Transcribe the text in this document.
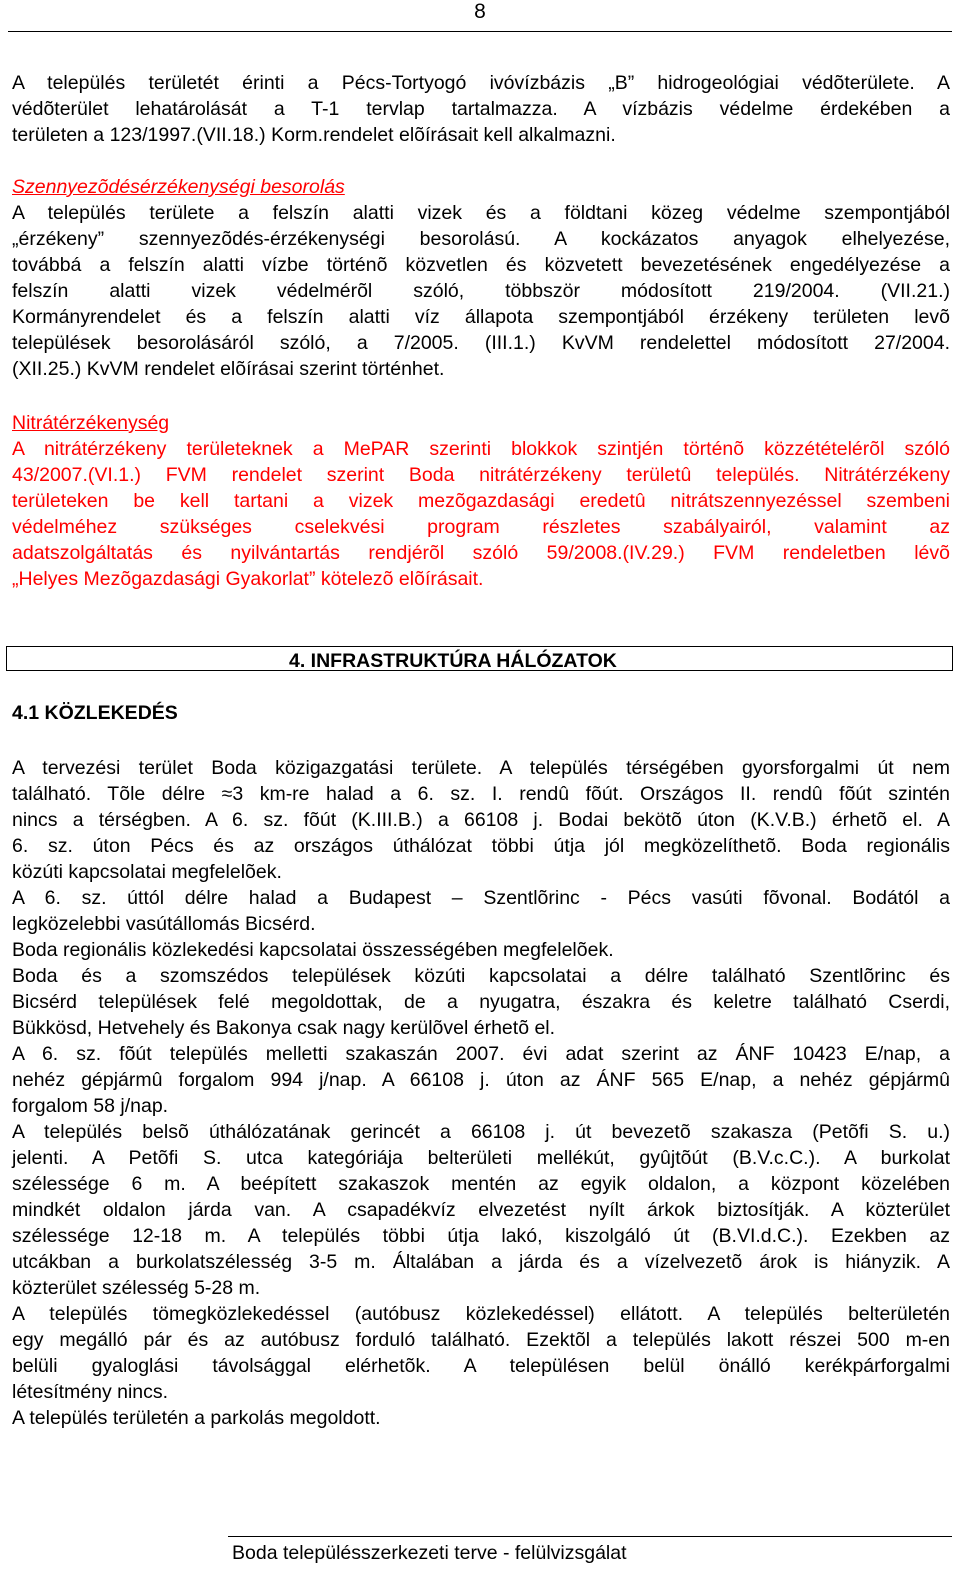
8
A település területét érinti a Pécs-Tortyogó ivóvízbázis „B” hidrogeológiai védõterülete. A
védõterület lehatárolását a T-1 tervlap tartalmazza. A vízbázis védelme érdekében a
területen a 123/1997.(VII.18.) Korm.rendelet elõírásait kell alkalmazni.
Szennyezõdésérzékenységi besorolás
A település területe a felszín alatti vizek és a földtani közeg védelme szempontjából
„érzékeny” szennyezõdés-érzékenységi besorolású. A kockázatos anyagok elhelyezése,
továbbá a felszín alatti vízbe történõ közvetlen és közvetett bevezetésének engedélyezése a
felszín alatti vizek védelmérõl szóló, többször módosított 219/2004. (VII.21.)
Kormányrendelet és a felszín alatti víz állapota szempontjából érzékeny területen levõ
települések besorolásáról szóló, a 7/2005. (III.1.) KvVM rendelettel módosított 27/2004.
(XII.25.) KvVM rendelet elõírásai szerint történhet.
Nitrátérzékenység
A nitrátérzékeny területeknek a MePAR szerinti blokkok szintjén történõ közzétételérõl szóló
43/2007.(VI.1.) FVM rendelet szerint Boda nitrátérzékeny területû település. Nitrátérzékeny
területeken be kell tartani a vizek mezõgazdasági eredetû nitrátszennyezéssel szembeni
védelméhez szükséges cselekvési program részletes szabályairól, valamint az
adatszolgáltatás és nyilvántartás rendjérõl szóló 59/2008.(IV.29.) FVM rendeletben lévõ
„Helyes Mezõgazdasági Gyakorlat” kötelezõ elõírásait.
4. INFRASTRUKTÚRA HÁLÓZATOK
4.1 KÖZLEKEDÉS
A tervezési terület Boda közigazgatási területe. A település térségében gyorsforgalmi út nem
található. Tõle délre ≈3 km-re halad a 6. sz. I. rendû fõút. Országos II. rendû fõút szintén
nincs a térségben. A 6. sz. fõút (K.III.B.) a 66108 j. Bodai bekötõ úton (K.V.B.) érhetõ el. A
6. sz. úton Pécs és az országos úthálózat többi útja jól megközelíthetõ. Boda regionális
közúti kapcsolatai megfelelõek.
A 6. sz. úttól délre halad a Budapest – Szentlõrinc - Pécs vasúti fõvonal. Bodától a
legközelebbi vasútállomás Bicsérd.
Boda regionális közlekedési kapcsolatai összességében megfelelõek.
Boda és a szomszédos települések közúti kapcsolatai a délre található Szentlõrinc és
Bicsérd települések felé megoldottak, de a nyugatra, északra és keletre található Cserdi,
Bükkösd, Hetvehely és Bakonya csak nagy kerülõvel érhetõ el.
A 6. sz. fõút település melletti szakaszán 2007. évi adat szerint az ÁNF 10423 E/nap, a
nehéz gépjármû forgalom 994 j/nap. A 66108 j. úton az ÁNF 565 E/nap, a nehéz gépjármû
forgalom 58 j/nap.
A település belsõ úthálózatának gerincét a 66108 j. út bevezetõ szakasza (Petõfi S. u.)
jelenti. A Petõfi S. utca kategóriája belterületi mellékút, gyûjtõút (B.V.c.C.). A burkolat
szélessége 6 m. A beépített szakaszok mentén az egyik oldalon, a központ közelében
mindkét oldalon járda van. A csapadékvíz elvezetést nyílt árkok biztosítják. A közterület
szélessége 12-18 m. A település többi útja lakó, kiszolgáló út (B.VI.d.C.). Ezekben az
utcákban a burkolatszélesség 3-5 m. Általában a járda és a vízelvezetõ árok is hiányzik. A
közterület szélesség 5-28 m.
A település tömegközlekedéssel (autóbusz közlekedéssel) ellátott. A település belterületén
egy megálló pár és az autóbusz forduló található. Ezektõl a település lakott részei 500 m-en
belüli gyaloglási távolsággal elérhetõk. A településen belül önálló kerékpárforgalmi
létesítmény nincs.
A település területén a parkolás megoldott.
Boda településszerkezeti terve - felülvizsgálat
